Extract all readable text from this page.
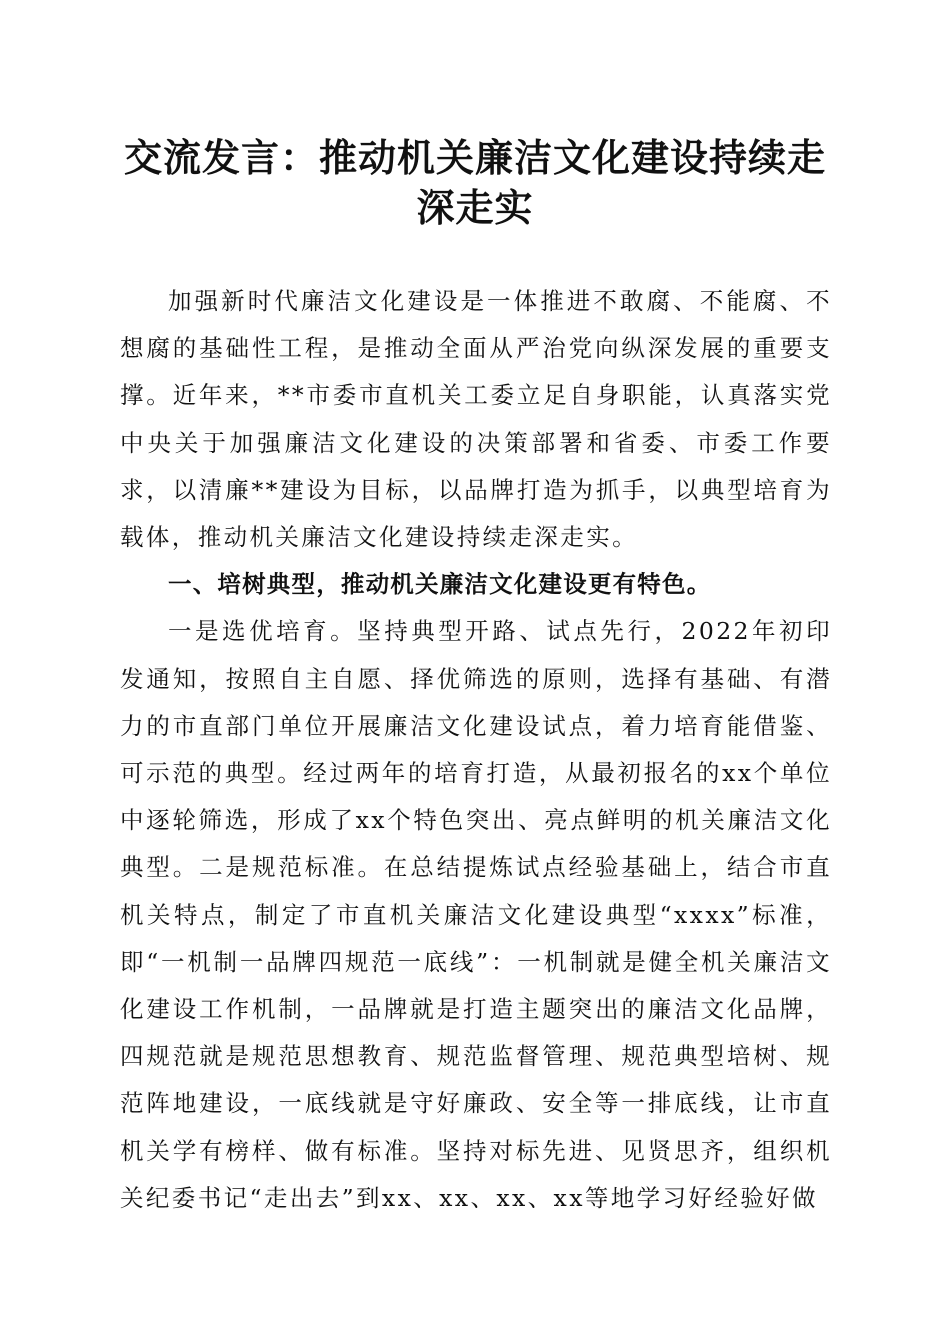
交流发言：推动机关廉洁文化建设持续走深走实

加强新时代廉洁文化建设是一体推进不敢腐、不能腐、不想腐的基础性工程，是推动全面从严治党向纵深发展的重要支撑。近年来，**市委市直机关工委立足自身职能，认真落实党中央关于加强廉洁文化建设的决策部署和省委、市委工作要求，以清廉**建设为目标，以品牌打造为抓手，以典型培育为载体，推动机关廉洁文化建设持续走深走实。

一、培树典型，推动机关廉洁文化建设更有特色。

一是选优培育。坚持典型开路、试点先行，2022年初印发通知，按照自主自愿、择优筛选的原则，选择有基础、有潜力的市直部门单位开展廉洁文化建设试点，着力培育能借鉴、可示范的典型。经过两年的培育打造，从最初报名的xx个单位中逐轮筛选，形成了xx个特色突出、亮点鲜明的机关廉洁文化典型。二是规范标准。在总结提炼试点经验基础上，结合市直机关特点，制定了市直机关廉洁文化建设典型“xxxx”标准，即“一机制一品牌四规范一底线”：一机制就是健全机关廉洁文化建设工作机制，一品牌就是打造主题突出的廉洁文化品牌，四规范就是规范思想教育、规范监督管理、规范典型培树、规范阵地建设，一底线就是守好廉政、安全等一排底线，让市直机关学有榜样、做有标准。坚持对标先进、见贤思齐，组织机关纪委书记“走出去”到xx、xx、xx、xx等地学习好经验好做
